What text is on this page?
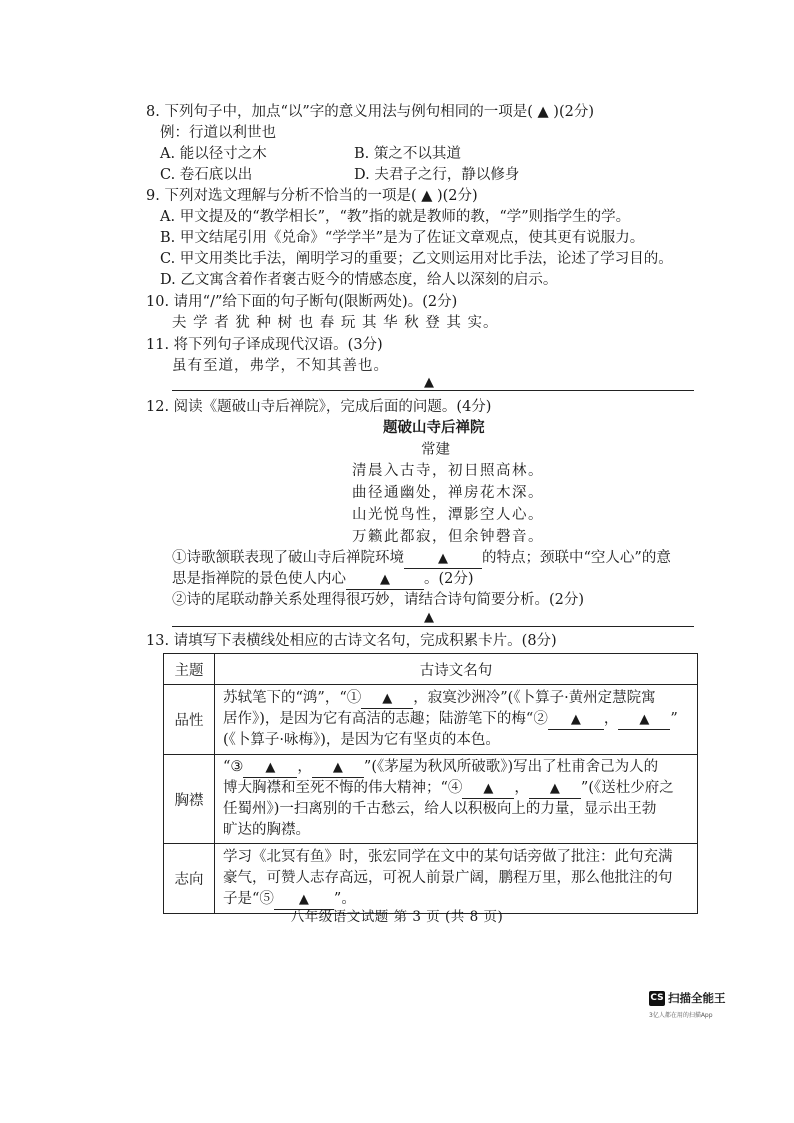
8. 下列句子中，加点“以”字的意义用法与例句相同的一项是( ▲ )(2分)
例：行道以利世也
A. 能以径寸之木	B. 策之不以其道
C. 卷石底以出	D. 夫君子之行，静以修身
9. 下列对选文理解与分析不恰当的一项是( ▲ )(2分)
A. 甲文提及的“教学相长”，“教”指的就是教师的教，“学”则指学生的学。
B. 甲文结尾引用《兑命》“学学半”是为了佐证文章观点，使其更有说服力。
C. 甲文用类比手法，阐明学习的重要；乙文则运用对比手法，论述了学习目的。
D. 乙文寓含着作者褒古贬今的情感态度，给人以深刻的启示。
10. 请用“/”给下面的句子断句(限断两处)。(2分)
夫 学 者 犹 种 树 也 春 玩 其 华 秋 登 其 实。
11. 将下列句子译成现代汉语。(3分)
虽有至道，弗学，不知其善也。
▲
12. 阅读《题破山寺后禅院》，完成后面的问题。(4分)
题破山寺后禅院
常建
清晨入古寺，初日照高林。
曲径通幽处，禅房花木深。
山光悦鸟性，潭影空人心。
万籁此都寂，但余钟磬音。
①诗歌颔联表现了破山寺后禅院环境	▲ 的特点；颈联中“空人心”的意
思是指禅院的景色使人内心	▲ 。(2分)
②诗的尾联动静关系处理得很巧妙，请结合诗句简要分析。(2分)
▲
13. 请填写下表横线处相应的古诗文名句，完成积累卡片。(8分)
主题	古诗文名句
品性	苏轼笔下的“鸿”，“① ▲ ，寂寞沙洲冷”(《卜算子·黄州定慧院寓
居作》)，是因为它有高洁的志趣；陆游笔下的梅“② ▲ ， ▲ ”
(《卜算子·咏梅》)，是因为它有坚贞的本色。

胸襟	“③ ▲ ， ▲ ”(《茅屋为秋风所破歌》)写出了杜甫舍己为人的
博大胸襟和至死不悔的伟大精神；“④ ▲ ， ▲ ”(《送杜少府之
任蜀州》)一扫离别的千古愁云，给人以积极向上的力量，显示出王勃
旷达的胸襟。

志向	学习《北冥有鱼》时，张宏同学在文中的某句话旁做了批注：此句充满
豪气，可赞人志存高远，可祝人前景广阔，鹏程万里，那么他批注的句
子是“⑤ ▲ ”。
八年级语文试题 第 3 页 (共 8 页)
CS 扫描全能王
3亿人都在用的扫描App
